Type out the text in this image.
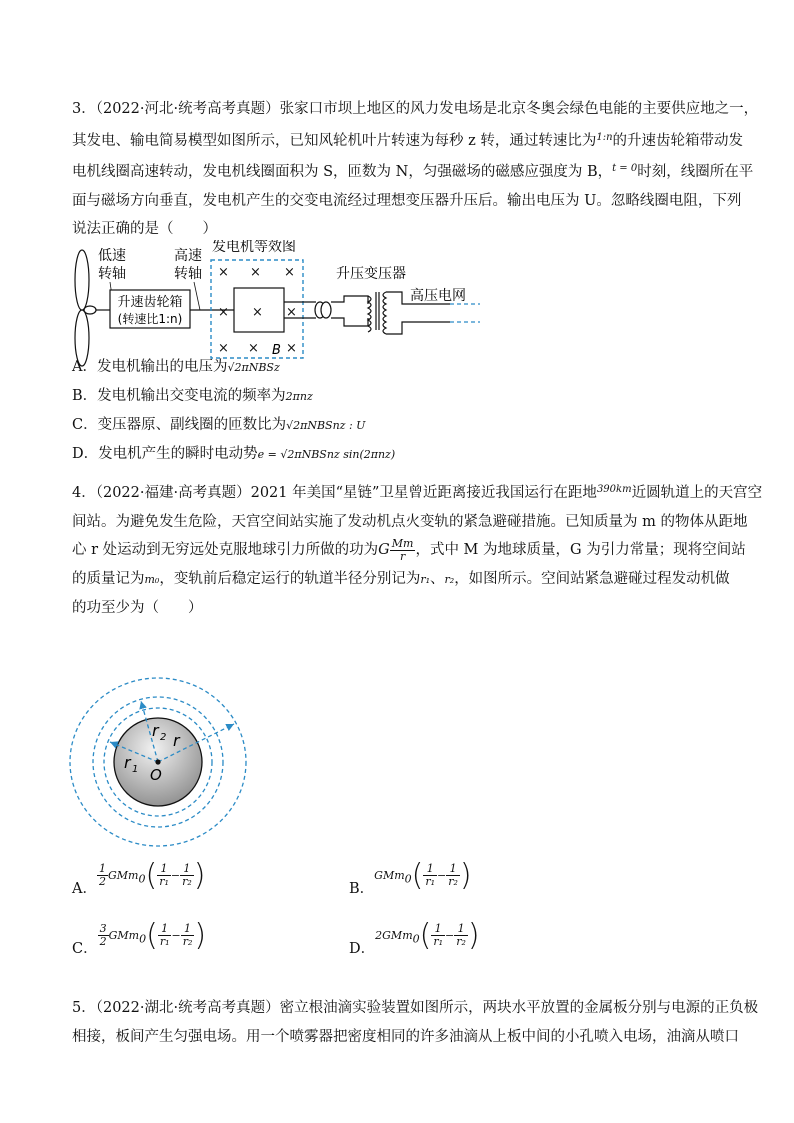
3．（2022·河北·统考高考真题）张家口市坝上地区的风力发电场是北京冬奥会绿色电能的主要供应地之一，
其发电、输电简易模型如图所示，已知风轮机叶片转速为每秒 z 转，通过转速比为$^{1:n}$的升速齿轮箱带动发
电机线圈高速转动，发电机线圈面积为 S，匝数为 N，匀强磁场的磁感应强度为 B，$^{t = 0}$时刻，线圈所在平
面与磁场方向垂直，发电机产生的交变电流经过理想变压器升压后。输出电压为 U。忽略线圈电阻，下列
说法正确的是（　　）
低速
转轴
升速齿轮箱
(转速比1:n)
高速
转轴
发电机等效图
× × ×
× × ×
× × ×
B
升压变压器
高压电网
A．发电机输出的电压为√2πNBSz
B．发电机输出交变电流的频率为2πnz
C．变压器原、副线圈的匝数比为√2πNBSnz : U
D．发电机产生的瞬时电动势e = √2πNBSnz sin(2πnz)
4．（2022·福建·高考真题）2021 年美国“星链”卫星曾近距离接近我国运行在距地$^{390km}$近圆轨道上的天宫空
间站。为避免发生危险，天宫空间站实施了发动机点火变轨的紧急避碰措施。已知质量为 m 的物体从距地
心 r 处运动到无穷远处克服地球引力所做的功为G $\frac{Mm}{r}$ ，式中 M 为地球质量，G 为引力常量；现将空间站
的质量记为m₀，变轨前后稳定运行的轨道半径分别记为r₁、r₂，如图所示。空间站紧急避碰过程发动机做
的功至少为（　　）
r 1
r 2 r
O
A．
$\frac{1}{2} GMm_0( \frac{1}{\text{r₁}} - \frac{1}{\text{r₂}}$ )	B．$GMm_0( \frac{1}{\text{r₁}} - \frac{1}{\text{r₂}}$ )
C．
$\frac{3}{2} GMm_0( \frac{1}{\text{r₁}} - \frac{1}{\text{r₂}}$ )	D．$2GMm_0( \frac{1}{\text{r₁}} - \frac{1}{\text{r₂}}$ )
5．（2022·湖北·统考高考真题）密立根油滴实验装置如图所示，两块水平放置的金属板分别与电源的正负极
相接，板间产生匀强电场。用一个喷雾器把密度相同的许多油滴从上板中间的小孔喷入电场，油滴从喷口
